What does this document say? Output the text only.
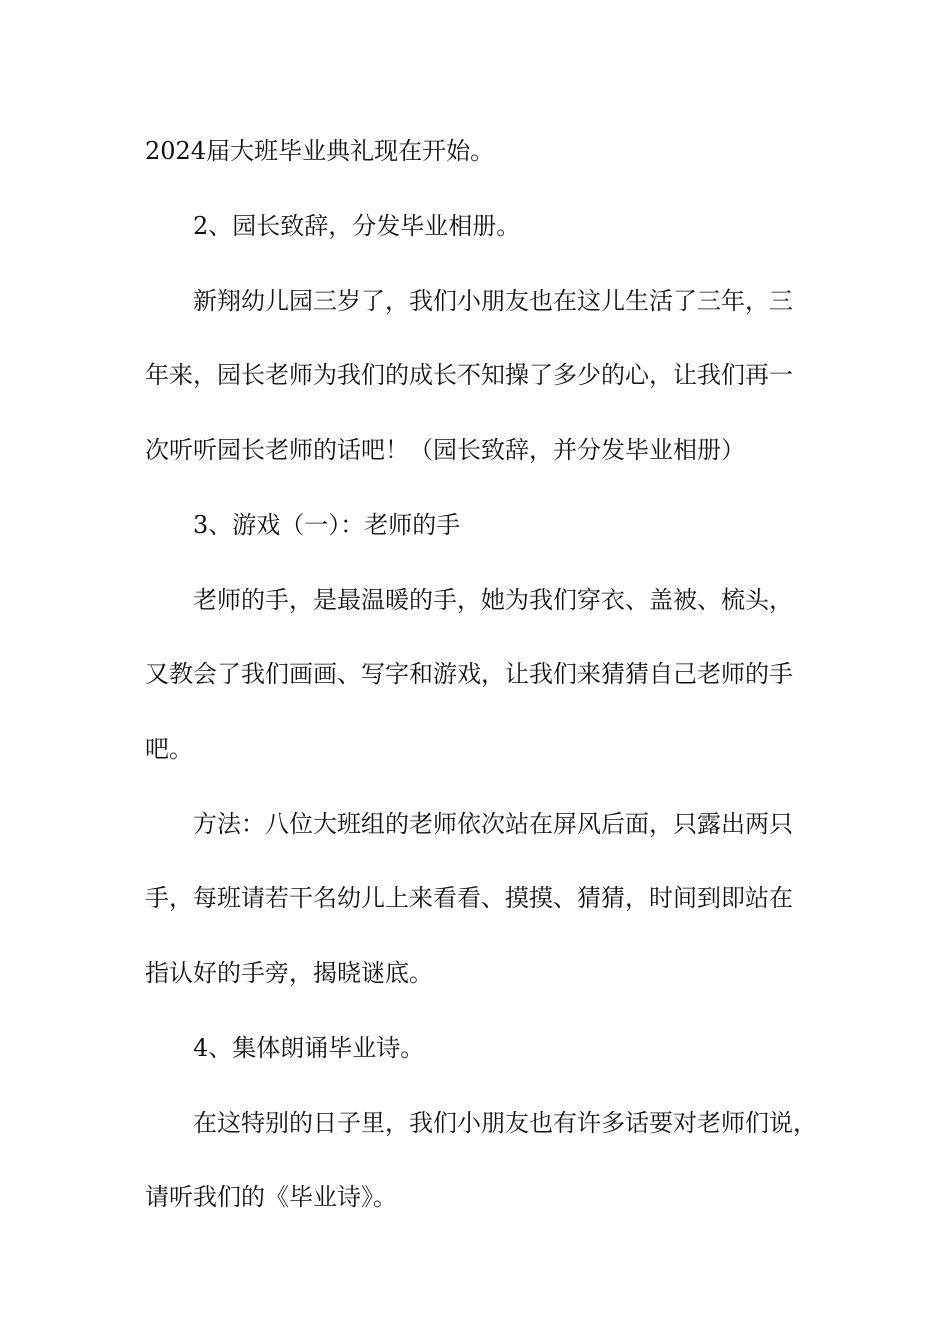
2024届大班毕业典礼现在开始。

2、园长致辞，分发毕业相册。

新翔幼儿园三岁了，我们小朋友也在这儿生活了三年，三

年来，园长老师为我们的成长不知操了多少的心，让我们再一

次听听园长老师的话吧！（园长致辞，并分发毕业相册）

3、游戏（一）：老师的手

老师的手，是最温暖的手，她为我们穿衣、盖被、梳头，

又教会了我们画画、写字和游戏，让我们来猜猜自己老师的手

吧。

方法：八位大班组的老师依次站在屏风后面，只露出两只

手，每班请若干名幼儿上来看看、摸摸、猜猜，时间到即站在

指认好的手旁，揭晓谜底。

4、集体朗诵毕业诗。

在这特别的日子里，我们小朋友也有许多话要对老师们说，

请听我们的《毕业诗》。
